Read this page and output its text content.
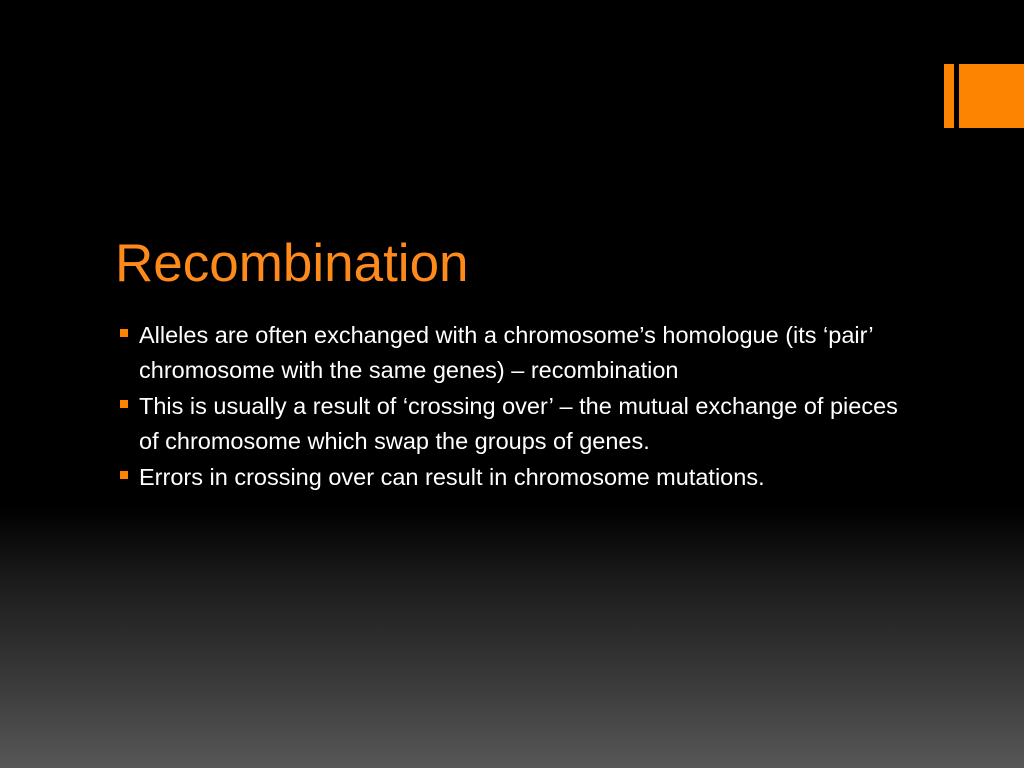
Recombination
Alleles are often exchanged with a chromosome’s homologue (its ‘pair’ chromosome with the same genes) – recombination
This is usually a result of ‘crossing over’ – the mutual exchange of pieces of chromosome which swap the groups of genes.
Errors in crossing over can result in chromosome mutations.
